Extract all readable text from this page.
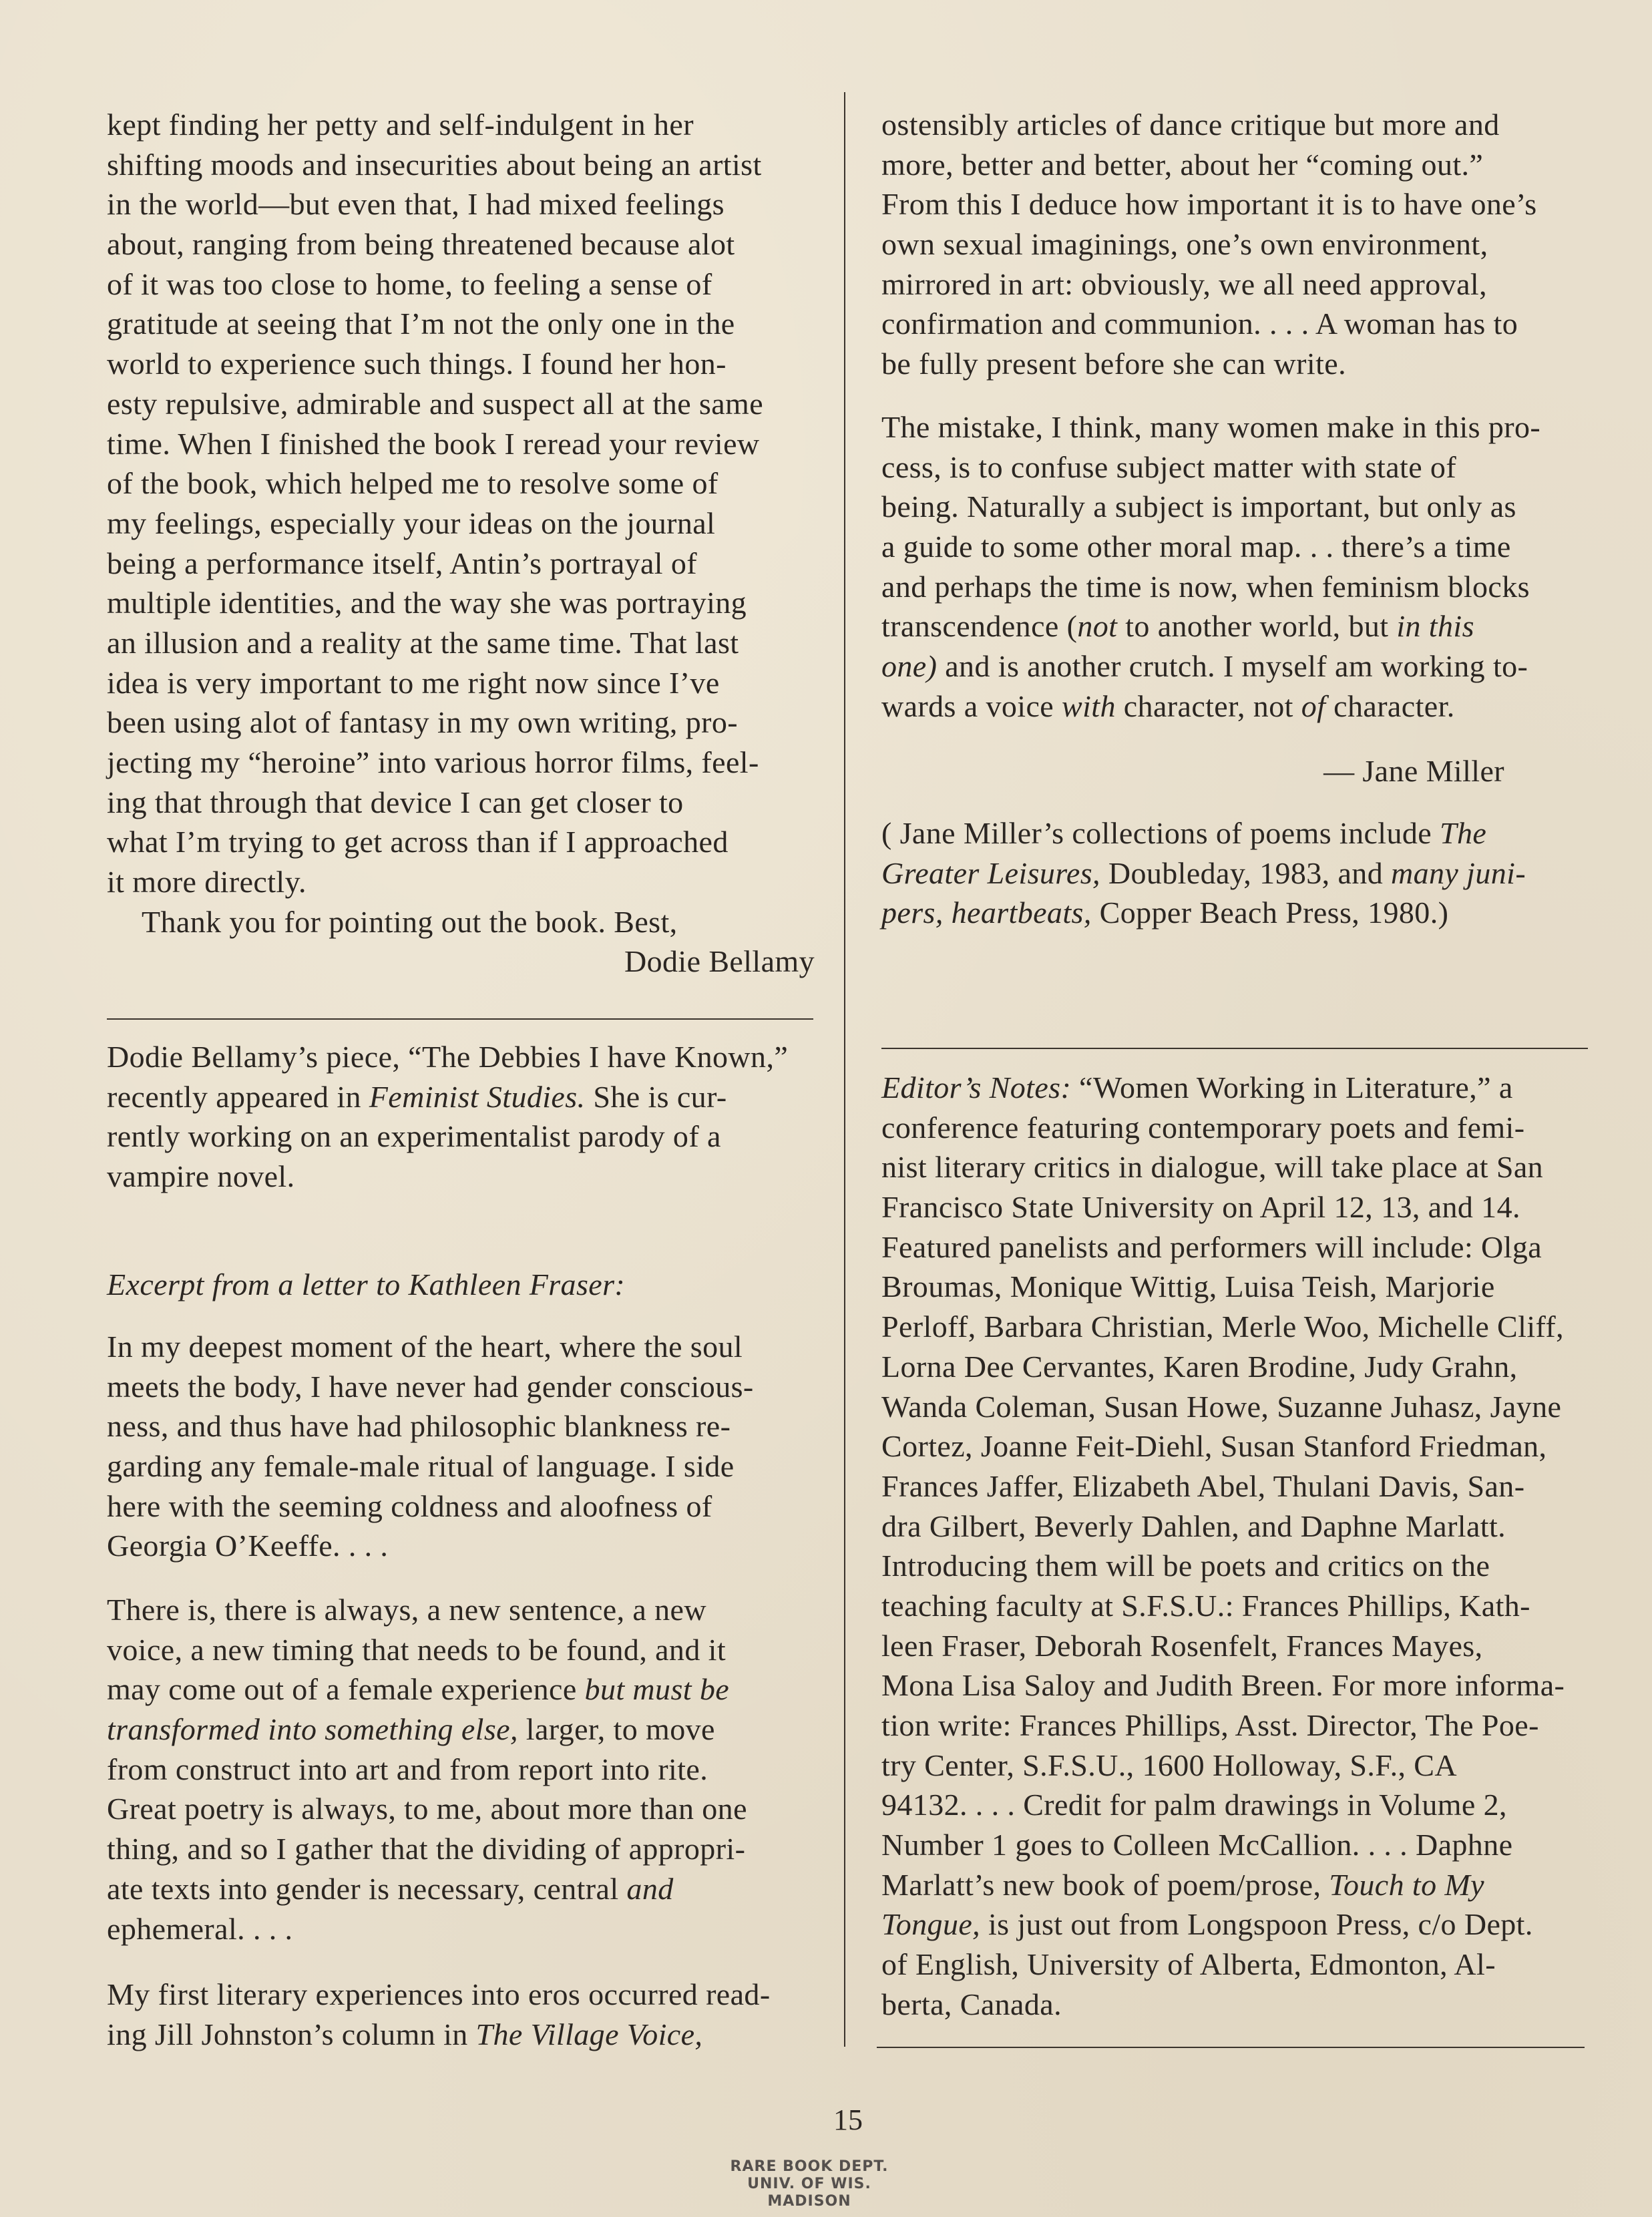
kept finding her petty and self-indulgent in her
shifting moods and insecurities about being an artist
in the world—but even that, I had mixed feelings
about, ranging from being threatened because alot
of it was too close to home, to feeling a sense of
gratitude at seeing that I’m not the only one in the
world to experience such things. I found her hon-
esty repulsive, admirable and suspect all at the same
time. When I finished the book I reread your review
of the book, which helped me to resolve some of
my feelings, especially your ideas on the journal
being a performance itself, Antin’s portrayal of
multiple identities, and the way she was portraying
an illusion and a reality at the same time. That last
idea is very important to me right now since I’ve
been using alot of fantasy in my own writing, pro-
jecting my “heroine” into various horror films, feel-
ing that through that device I can get closer to
what I’m trying to get across than if I approached
it more directly.
Thank you for pointing out the book. Best,
Dodie Bellamy
Dodie Bellamy’s piece, “The Debbies I have Known,”
recently appeared in Feminist Studies. She is cur-
rently working on an experimentalist parody of a
vampire novel.
Excerpt from a letter to Kathleen Fraser:
In my deepest moment of the heart, where the soul
meets the body, I have never had gender conscious-
ness, and thus have had philosophic blankness re-
garding any female-male ritual of language. I side
here with the seeming coldness and aloofness of
Georgia O’Keeffe. . . .
There is, there is always, a new sentence, a new
voice, a new timing that needs to be found, and it
may come out of a female experience but must be
transformed into something else, larger, to move
from construct into art and from report into rite.
Great poetry is always, to me, about more than one
thing, and so I gather that the dividing of appropri-
ate texts into gender is necessary, central and
ephemeral. . . .
My first literary experiences into eros occurred read-
ing Jill Johnston’s column in The Village Voice,
ostensibly articles of dance critique but more and
more, better and better, about her “coming out.”
From this I deduce how important it is to have one’s
own sexual imaginings, one’s own environment,
mirrored in art: obviously, we all need approval,
confirmation and communion. . . . A woman has to
be fully present before she can write.
The mistake, I think, many women make in this pro-
cess, is to confuse subject matter with state of
being. Naturally a subject is important, but only as
a guide to some other moral map. . . there’s a time
and perhaps the time is now, when feminism blocks
transcendence (not to another world, but in this
one) and is another crutch. I myself am working to-
wards a voice with character, not of character.
— Jane Miller
( Jane Miller’s collections of poems include The
Greater Leisures, Doubleday, 1983, and many juni-
pers, heartbeats, Copper Beach Press, 1980.)
Editor’s Notes: “Women Working in Literature,” a
conference featuring contemporary poets and femi-
nist literary critics in dialogue, will take place at San
Francisco State University on April 12, 13, and 14.
Featured panelists and performers will include: Olga
Broumas, Monique Wittig, Luisa Teish, Marjorie
Perloff, Barbara Christian, Merle Woo, Michelle Cliff,
Lorna Dee Cervantes, Karen Brodine, Judy Grahn,
Wanda Coleman, Susan Howe, Suzanne Juhasz, Jayne
Cortez, Joanne Feit-Diehl, Susan Stanford Friedman,
Frances Jaffer, Elizabeth Abel, Thulani Davis, San-
dra Gilbert, Beverly Dahlen, and Daphne Marlatt.
Introducing them will be poets and critics on the
teaching faculty at S.F.S.U.: Frances Phillips, Kath-
leen Fraser, Deborah Rosenfelt, Frances Mayes,
Mona Lisa Saloy and Judith Breen. For more informa-
tion write: Frances Phillips, Asst. Director, The Poe-
try Center, S.F.S.U., 1600 Holloway, S.F., CA
94132. . . . Credit for palm drawings in Volume 2,
Number 1 goes to Colleen McCallion. . . . Daphne
Marlatt’s new book of poem/prose, Touch to My
Tongue, is just out from Longspoon Press, c/o Dept.
of English, University of Alberta, Edmonton, Al-
berta, Canada.
15
RARE BOOK DEPT.
UNIV. OF WIS.
MADISON
